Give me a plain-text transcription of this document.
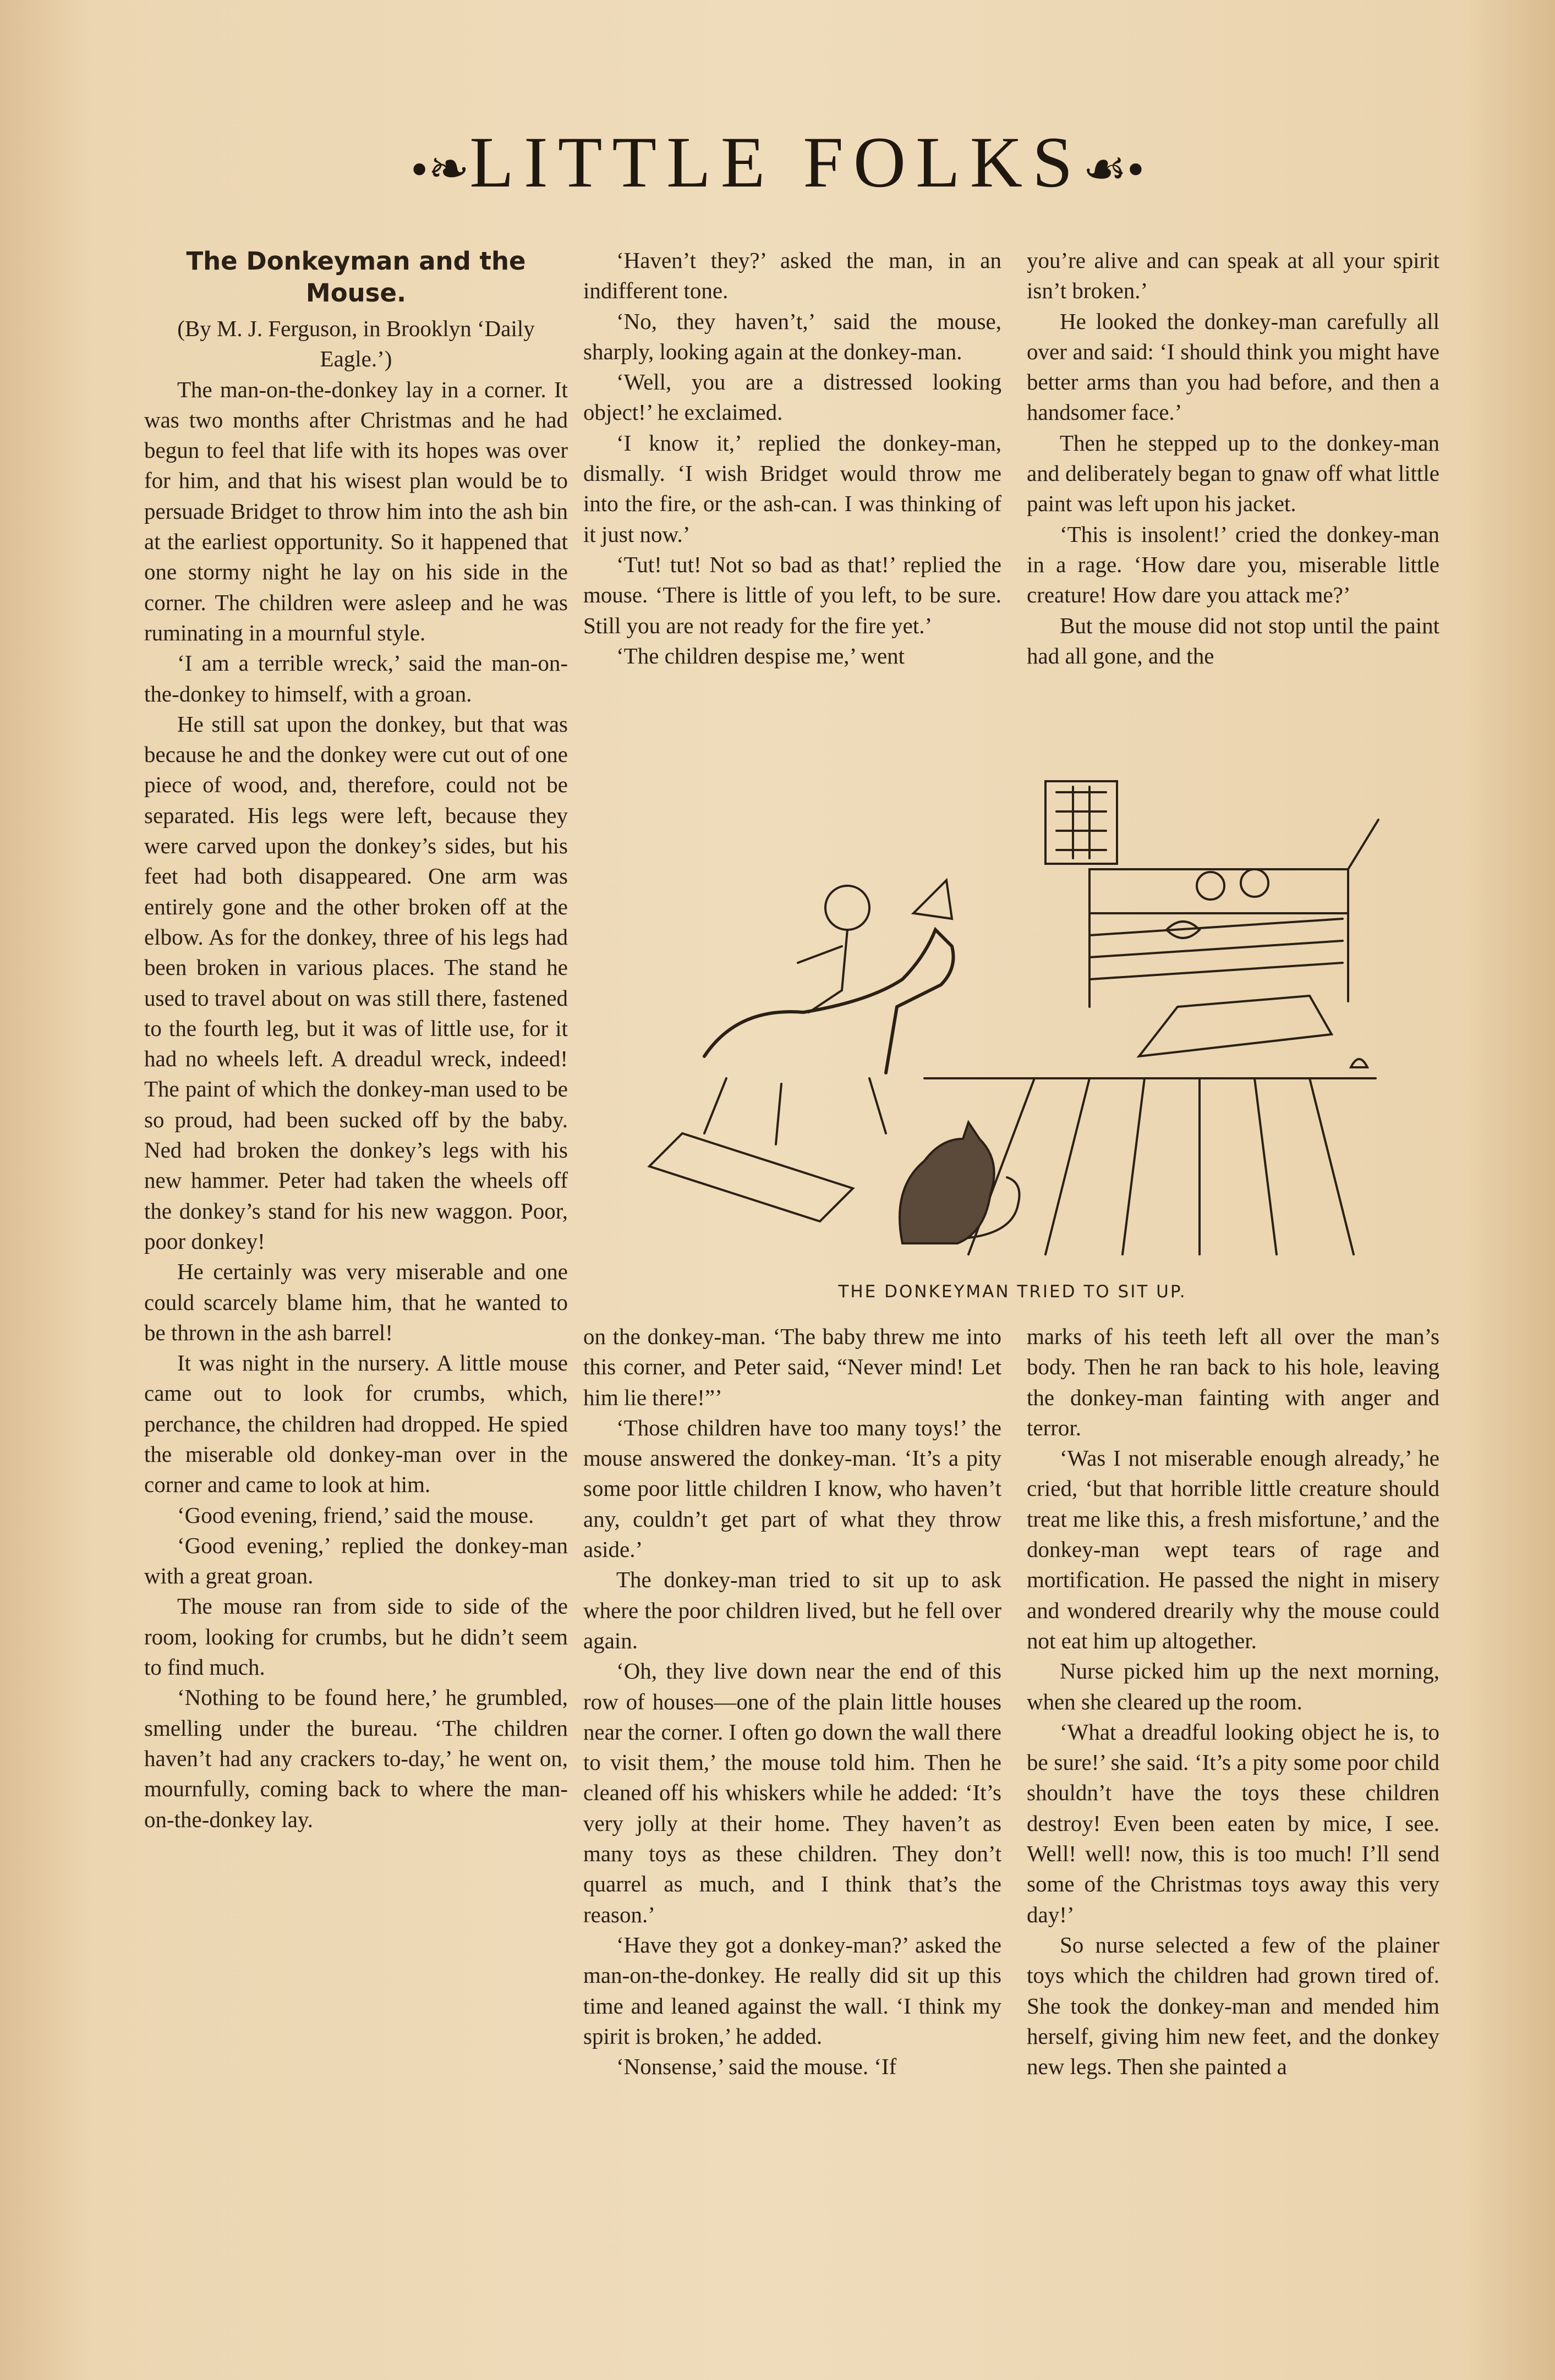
•❧LITTLE FOLKS☙•
The Donkeyman and the Mouse.

(By M. J. Ferguson, in Brooklyn ‘Daily Eagle.’)

The man-on-the-donkey lay in a corner. It was two months after Christmas and he had begun to feel that life with its hopes was over for him, and that his wisest plan would be to persuade Bridget to throw him into the ash bin at the earliest opportunity. So it happened that one stormy night he lay on his side in the corner. The children were asleep and he was ruminating in a mournful style.

‘I am a terrible wreck,’ said the man-on-the-donkey to himself, with a groan.

He still sat upon the donkey, but that was because he and the donkey were cut out of one piece of wood, and, therefore, could not be separated. His legs were left, because they were carved upon the donkey’s sides, but his feet had both disappeared. One arm was entirely gone and the other broken off at the elbow. As for the donkey, three of his legs had been broken in various places. The stand he used to travel about on was still there, fastened to the fourth leg, but it was of little use, for it had no wheels left. A dreadul wreck, indeed! The paint of which the donkey-man used to be so proud, had been sucked off by the baby. Ned had broken the donkey’s legs with his new hammer. Peter had taken the wheels off the donkey’s stand for his new waggon. Poor, poor donkey!

He certainly was very miserable and one could scarcely blame him, that he wanted to be thrown in the ash barrel!

It was night in the nursery. A little mouse came out to look for crumbs, which, perchance, the children had dropped. He spied the miserable old donkey-man over in the corner and came to look at him.

‘Good evening, friend,’ said the mouse.

‘Good evening,’ replied the donkey-man with a great groan.

The mouse ran from side to side of the room, looking for crumbs, but he didn’t seem to find much.

‘Nothing to be found here,’ he grumbled, smelling under the bureau. ‘The children haven’t had any crackers to-day,’ he went on, mournfully, coming back to where the man-on-the-donkey lay.

‘Haven’t they?’ asked the man, in an indifferent tone.

‘No, they haven’t,’ said the mouse, sharply, looking again at the donkey-man.

‘Well, you are a distressed looking object!’ he exclaimed.

‘I know it,’ replied the donkey-man, dismally. ‘I wish Bridget would throw me into the fire, or the ash-can. I was thinking of it just now.’

‘Tut! tut! Not so bad as that!’ replied the mouse. ‘There is little of you left, to be sure. Still you are not ready for the fire yet.’

‘The children despise me,’ went

you’re alive and can speak at all your spirit isn’t broken.’

He looked the donkey-man carefully all over and said: ‘I should think you might have better arms than you had before, and then a handsomer face.’

Then he stepped up to the donkey-man and deliberately began to gnaw off what little paint was left upon his jacket.

‘This is insolent!’ cried the donkey-man in a rage. ‘How dare you, miserable little creature! How dare you attack me?’

But the mouse did not stop until the paint had all gone, and the

THE DONKEYMAN TRIED TO SIT UP.

on the donkey-man. ‘The baby threw me into this corner, and Peter said, “Never mind! Let him lie there!”’

‘Those children have too many toys!’ the mouse answered the donkey-man. ‘It’s a pity some poor little children I know, who haven’t any, couldn’t get part of what they throw aside.’

The donkey-man tried to sit up to ask where the poor children lived, but he fell over again.

‘Oh, they live down near the end of this row of houses—one of the plain little houses near the corner. I often go down the wall there to visit them,’ the mouse told him. Then he cleaned off his whiskers while he added: ‘It’s very jolly at their home. They haven’t as many toys as these children. They don’t quarrel as much, and I think that’s the reason.’

‘Have they got a donkey-man?’ asked the man-on-the-donkey. He really did sit up this time and leaned against the wall. ‘I think my spirit is broken,’ he added.

‘Nonsense,’ said the mouse. ‘If

marks of his teeth left all over the man’s body. Then he ran back to his hole, leaving the donkey-man fainting with anger and terror.

‘Was I not miserable enough already,’ he cried, ‘but that horrible little creature should treat me like this, a fresh misfortune,’ and the donkey-man wept tears of rage and mortification. He passed the night in misery and wondered drearily why the mouse could not eat him up altogether.

Nurse picked him up the next morning, when she cleared up the room.

‘What a dreadful looking object he is, to be sure!’ she said. ‘It’s a pity some poor child shouldn’t have the toys these children destroy! Even been eaten by mice, I see. Well! well! now, this is too much! I’ll send some of the Christmas toys away this very day!’

So nurse selected a few of the plainer toys which the children had grown tired of. She took the donkey-man and mended him herself, giving him new feet, and the donkey new legs. Then she painted a
